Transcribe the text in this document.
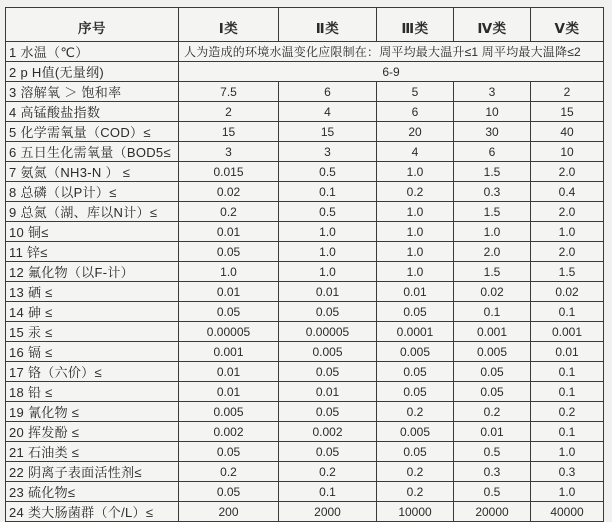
序号	Ⅰ类	Ⅱ类	Ⅲ类	Ⅳ类	Ⅴ类
1 水温（℃）	人为造成的环境水温变化应限制在：周平均最大温升≤1 周平均最大温降≤2				
2 p H值(无量纲)	6-9				
3 溶解氧 ＞ 饱和率	7.5	6	5	3	2
4 高锰酸盐指数	2	4	6	10	15
5 化学需氧量（COD）≤	15	15	20	30	40
6 五日生化需氧量（BOD5≤	3	3	4	6	10
7 氨氮（NH3-N ） ≤	0.015	0.5	1.0	1.5	2.0
8 总磷（以P计）≤	0.02	0.1	0.2	0.3	0.4
9 总氮（湖、库以N计）≤	0.2	0.5	1.0	1.5	2.0
10 铜≤	0.01	1.0	1.0	1.0	1.0
11 锌≤	0.05	1.0	1.0	2.0	2.0
12 氟化物（以F-计）	1.0	1.0	1.0	1.5	1.5
13 硒 ≤	0.01	0.01	0.01	0.02	0.02
14 砷 ≤	0.05	0.05	0.05	0.1	0.1
15 汞 ≤	0.00005	0.00005	0.0001	0.001	0.001
16 镉 ≤	0.001	0.005	0.005	0.005	0.01
17 铬（六价）≤	0.01	0.05	0.05	0.05	0.1
18 铅 ≤	0.01	0.01	0.05	0.05	0.1
19 氰化物 ≤	0.005	0.05	0.2	0.2	0.2
20 挥发酚 ≤	0.002	0.002	0.005	0.01	0.1
21 石油类 ≤	0.05	0.05	0.05	0.5	1.0
22 阴离子表面活性剂≤	0.2	0.2	0.2	0.3	0.3
23 硫化物≤	0.05	0.1	0.2	0.5	1.0
24 类大肠菌群（个/L）≤	200	2000	10000	20000	40000
